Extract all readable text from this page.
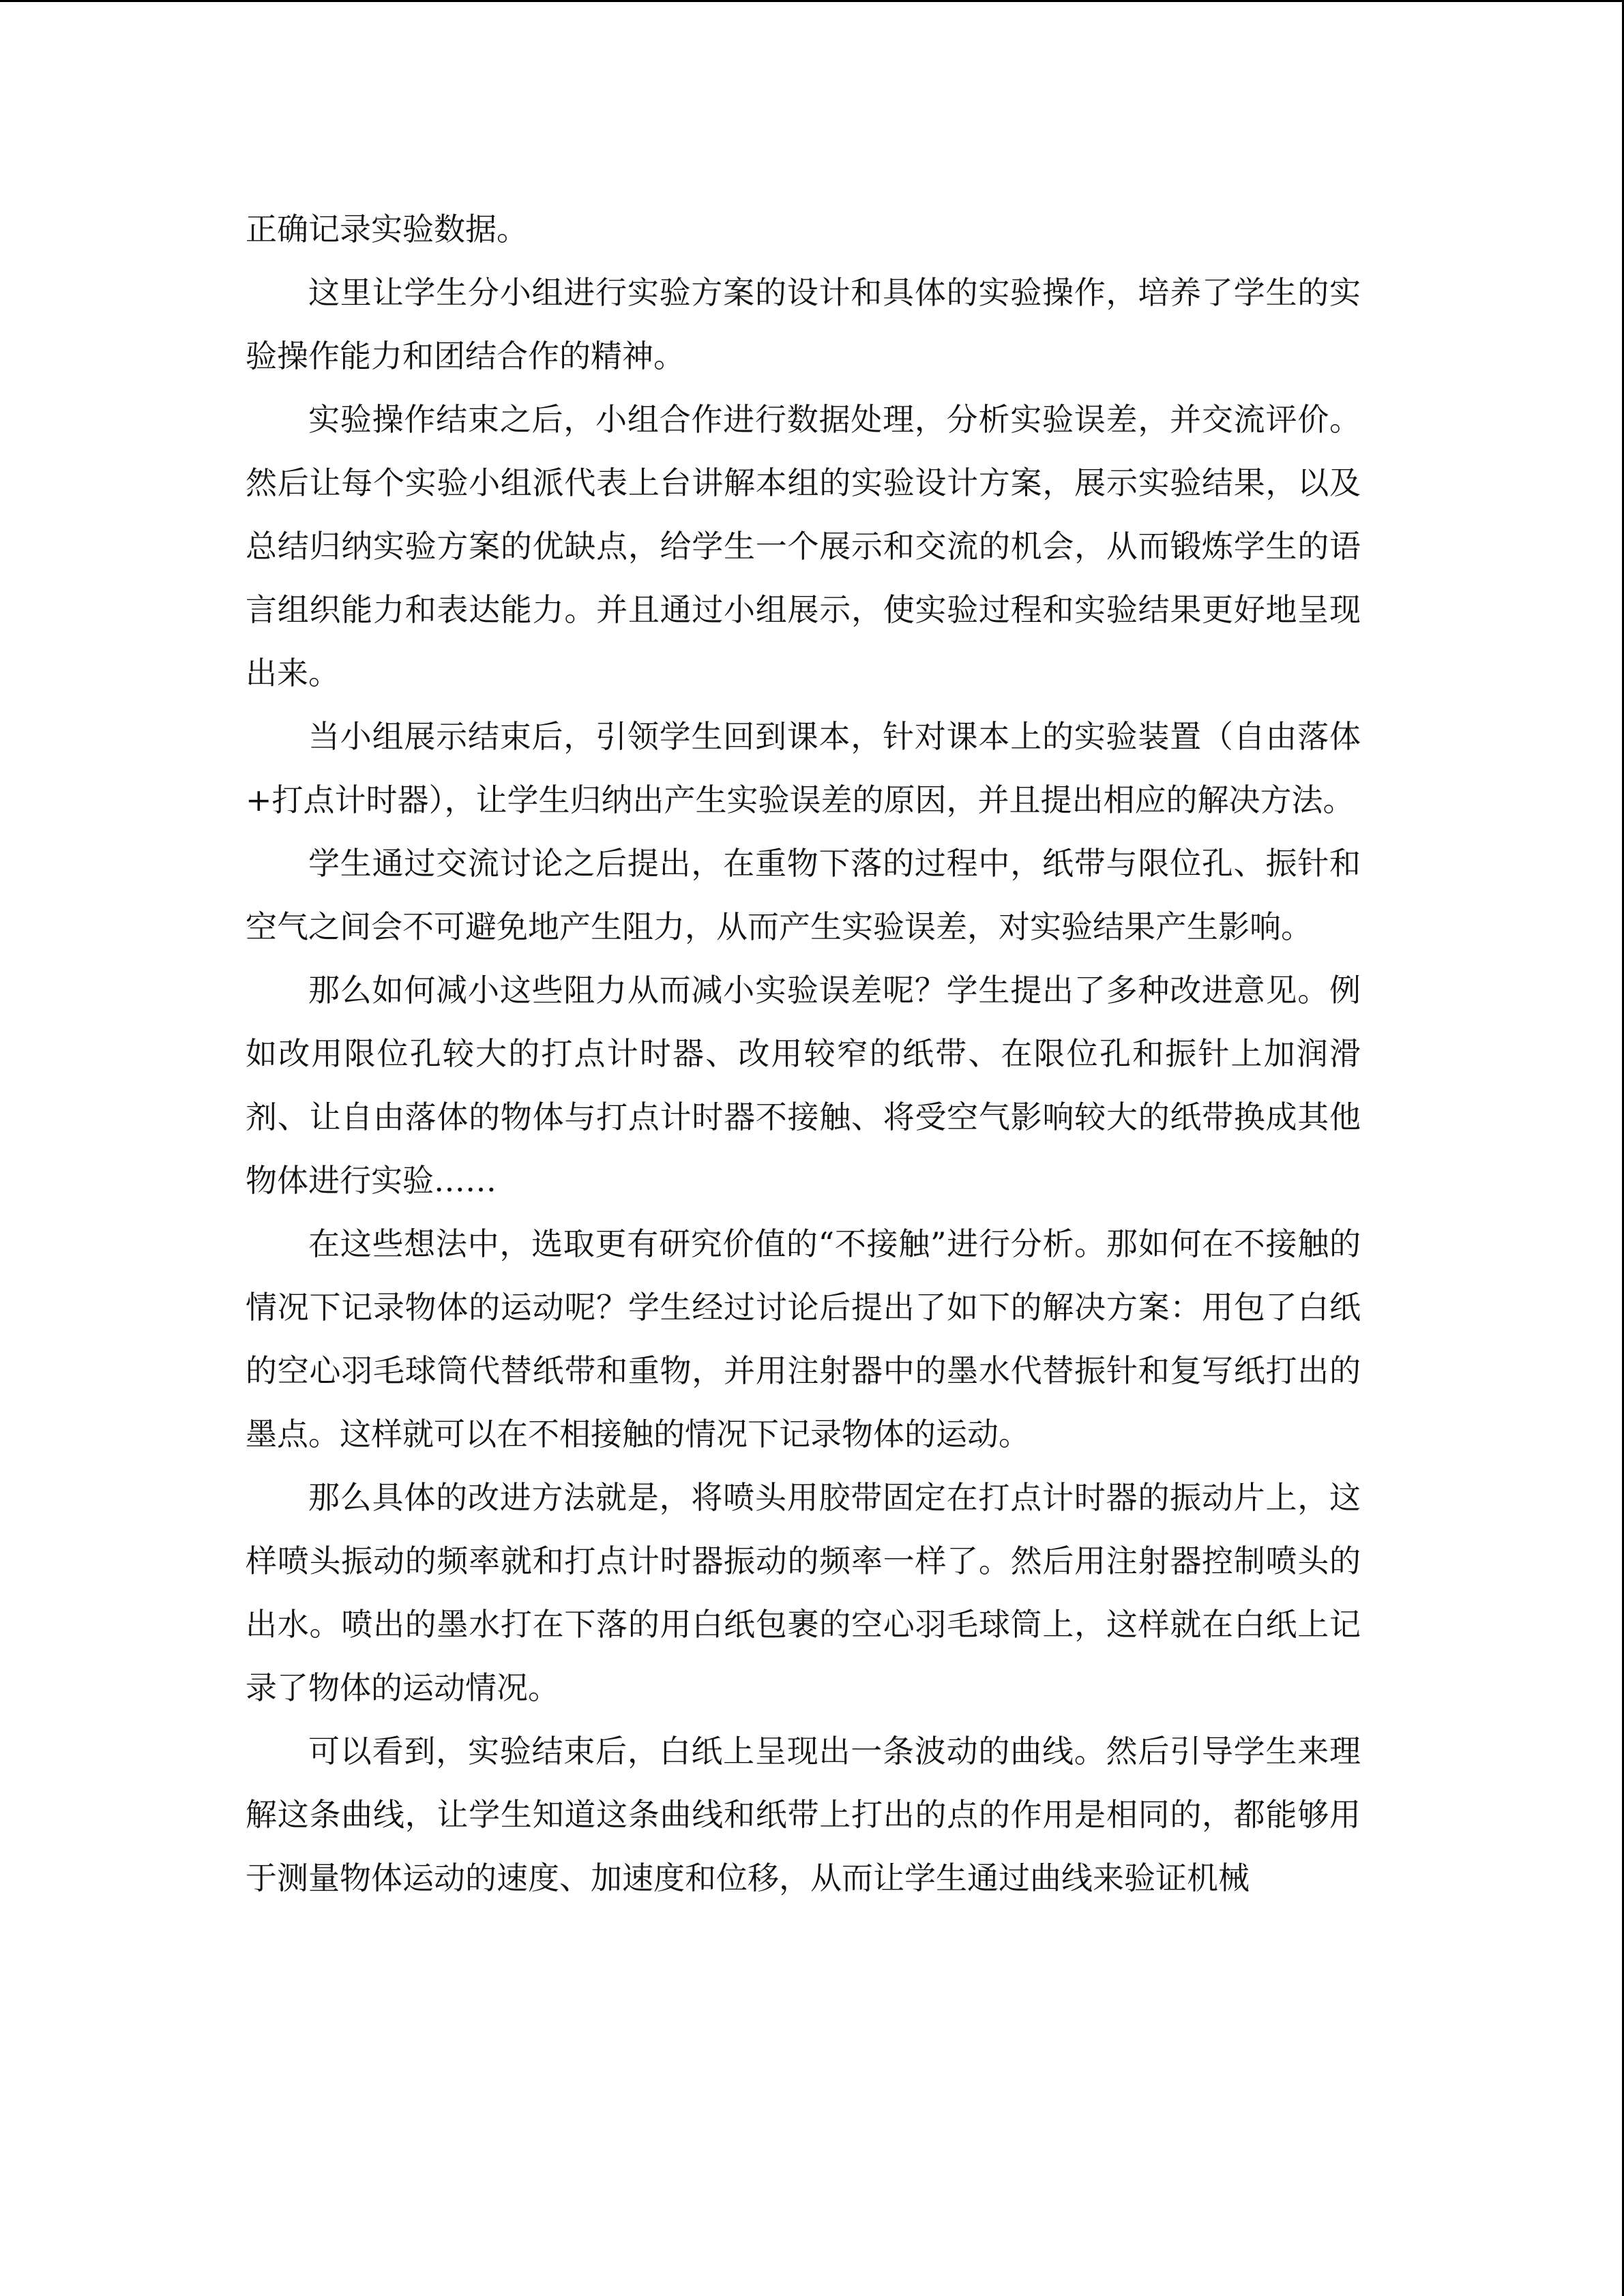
正确记录实验数据。

这里让学生分小组进行实验方案的设计和具体的实验操作，培养了学生的实验操作能力和团结合作的精神。

实验操作结束之后，小组合作进行数据处理，分析实验误差，并交流评价。然后让每个实验小组派代表上台讲解本组的实验设计方案，展示实验结果，以及总结归纳实验方案的优缺点，给学生一个展示和交流的机会，从而锻炼学生的语言组织能力和表达能力。并且通过小组展示，使实验过程和实验结果更好地呈现出来。

当小组展示结束后，引领学生回到课本，针对课本上的实验装置（自由落体+打点计时器），让学生归纳出产生实验误差的原因，并且提出相应的解决方法。

学生通过交流讨论之后提出，在重物下落的过程中，纸带与限位孔、振针和空气之间会不可避免地产生阻力，从而产生实验误差，对实验结果产生影响。

那么如何减小这些阻力从而减小实验误差呢？学生提出了多种改进意见。例如改用限位孔较大的打点计时器、改用较窄的纸带、在限位孔和振针上加润滑剂、让自由落体的物体与打点计时器不接触、将受空气影响较大的纸带换成其他物体进行实验……

在这些想法中，选取更有研究价值的“不接触”进行分析。那如何在不接触的情况下记录物体的运动呢？学生经过讨论后提出了如下的解决方案：用包了白纸的空心羽毛球筒代替纸带和重物，并用注射器中的墨水代替振针和复写纸打出的墨点。这样就可以在不相接触的情况下记录物体的运动。

那么具体的改进方法就是，将喷头用胶带固定在打点计时器的振动片上，这样喷头振动的频率就和打点计时器振动的频率一样了。然后用注射器控制喷头的出水。喷出的墨水打在下落的用白纸包裹的空心羽毛球筒上，这样就在白纸上记录了物体的运动情况。

可以看到，实验结束后，白纸上呈现出一条波动的曲线。然后引导学生来理解这条曲线，让学生知道这条曲线和纸带上打出的点的作用是相同的，都能够用于测量物体运动的速度、加速度和位移，从而让学生通过曲线来验证机械
